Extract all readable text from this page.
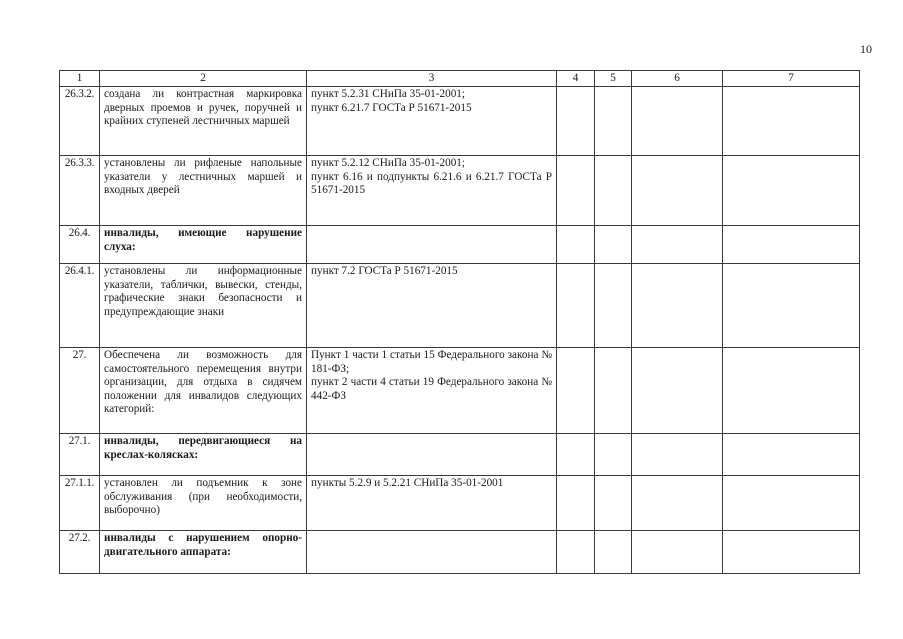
10
1	2	3	4	5	6	7
26.3.2.	создана ли контрастная маркировка дверных проемов и ручек, поручней и крайних ступеней лестничных маршей	пункт 5.2.31 СНиПа 35-01-2001;
пункт 6.21.7 ГОСТа Р 51671-2015				

26.3.3.	установлены ли рифленые напольные указатели у лестничных маршей и входных дверей	пункт 5.2.12 СНиПа 35-01-2001;
пункт 6.16 и подпункты 6.21.6 и 6.21.7 ГОСТа Р 51671-2015				

26.4.	инвалиды, имеющие нарушение слуха:					
26.4.1.	установлены ли информационные указатели, таблички, вывески, стенды, графические знаки безопасности и предупреждающие знаки	пункт 7.2 ГОСТа Р 51671-2015				

27.	Обеспечена ли возможность для самостоятельного перемещения внутри организации, для отдыха в сидячем положении для инвалидов следующих категорий:	Пункт 1 части 1 статьи 15 Федерального закона № 181-ФЗ;
пункт 2 части 4 статьи 19 Федерального закона № 442-ФЗ				

27.1.	инвалиды, передвигающиеся на креслах-колясках:					
27.1.1.	установлен ли подъемник к зоне обслуживания (при необходимости, выборочно)	пункты 5.2.9 и 5.2.21 СНиПа 35-01-2001				

27.2.	инвалиды с нарушением опорно-двигательного аппарата:					
